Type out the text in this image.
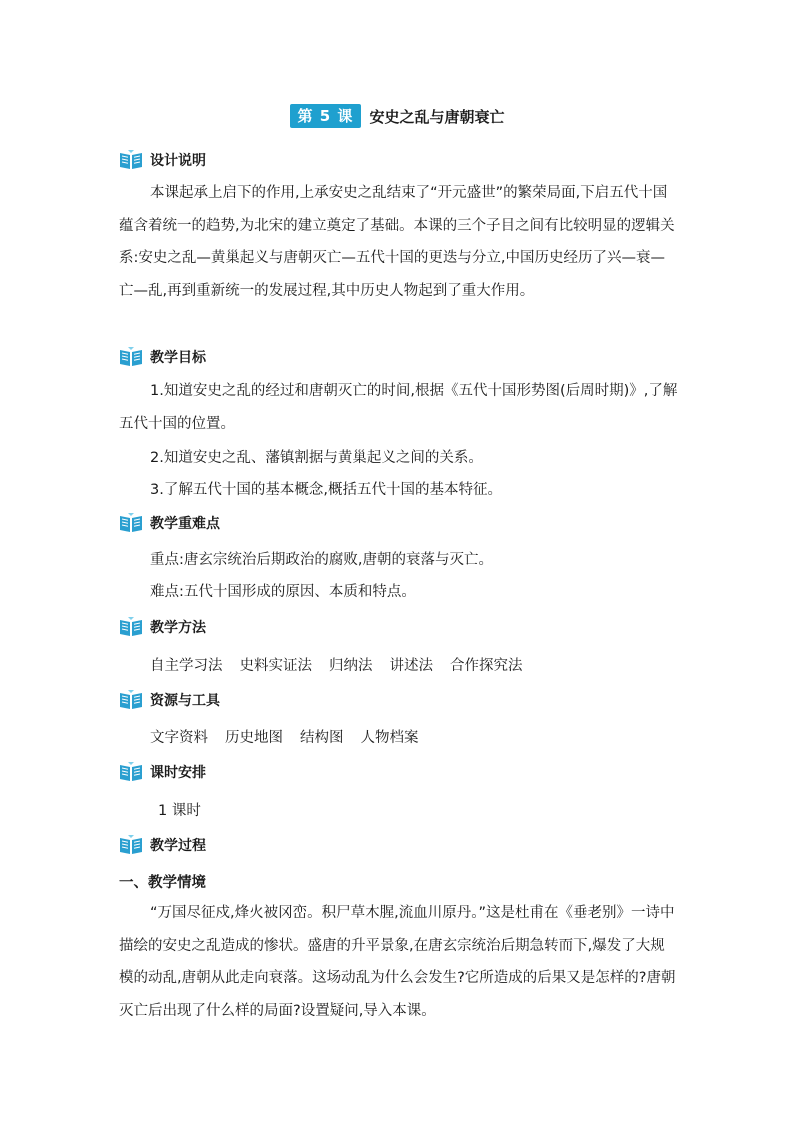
第 5 课	安史之乱与唐朝衰亡
设计说明

本课起承上启下的作用,上承安史之乱结束了“开元盛世”的繁荣局面,下启五代十国蕴含着统一的趋势,为北宋的建立奠定了基础。本课的三个子目之间有比较明显的逻辑关系:安史之乱—黄巢起义与唐朝灭亡—五代十国的更迭与分立,中国历史经历了兴—衰—亡—乱,再到重新统一的发展过程,其中历史人物起到了重大作用。

教学目标

1.知道安史之乱的经过和唐朝灭亡的时间,根据《五代十国形势图(后周时期)》,了解五代十国的位置。

2.知道安史之乱、藩镇割据与黄巢起义之间的关系。
3.了解五代十国的基本概念,概括五代十国的基本特征。
教学重难点
重点:唐玄宗统治后期政治的腐败,唐朝的衰落与灭亡。
难点:五代十国形成的原因、本质和特点。
教学方法
自主学习法 史料实证法 归纳法 讲述法 合作探究法
资源与工具
文字资料 历史地图 结构图 人物档案
课时安排
1 课时
教学过程
一、教学情境

“万国尽征戍,烽火被冈峦。积尸草木腥,流血川原丹。”这是杜甫在《垂老别》一诗中描绘的安史之乱造成的惨状。盛唐的升平景象,在唐玄宗统治后期急转而下,爆发了大规模的动乱,唐朝从此走向衰落。这场动乱为什么会发生?它所造成的后果又是怎样的?唐朝灭亡后出现了什么样的局面?设置疑问,导入本课。
